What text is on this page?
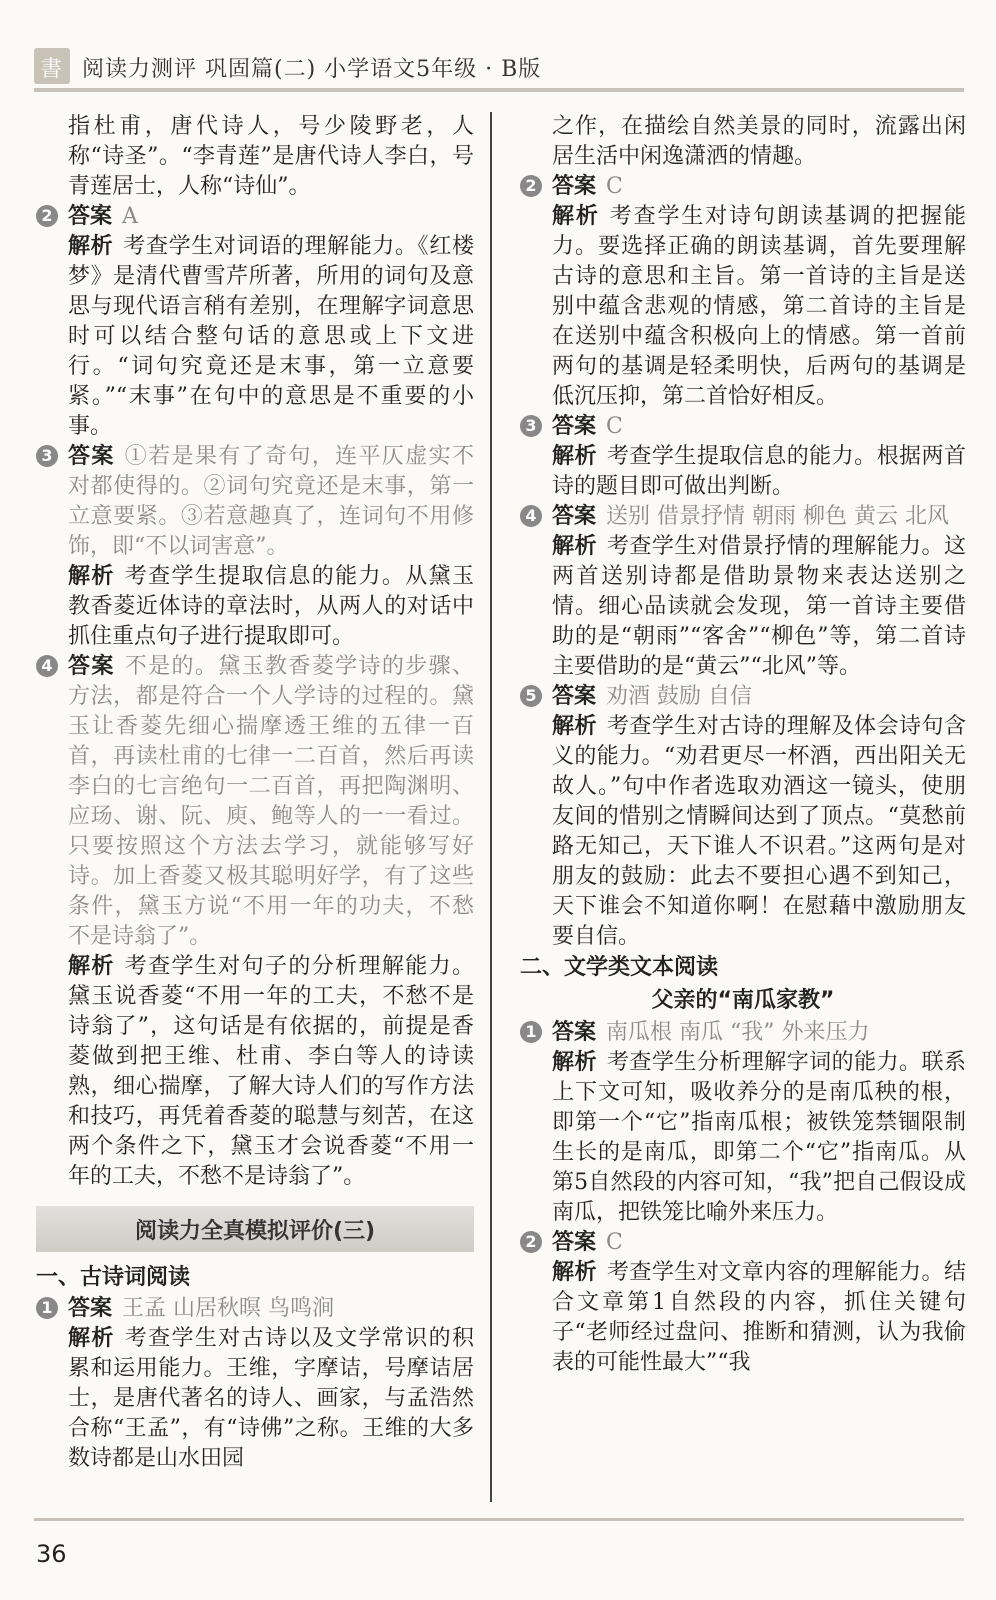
書 阅读力测评 巩固篇(二) 小学语文5年级 · B版

指杜甫，唐代诗人，号少陵野老，人称“诗圣”。“李青莲”是唐代诗人李白，号青莲居士，人称“诗仙”。

2 答案 A

解析 考查学生对词语的理解能力。《红楼梦》是清代曹雪芹所著，所用的词句及意思与现代语言稍有差别，在理解字词意思时可以结合整句话的意思或上下文进行。“词句究竟还是末事，第一立意要紧。”“末事”在句中的意思是不重要的小事。

3 答案 ①若是果有了奇句，连平仄虚实不对都使得的。②词句究竟还是末事，第一立意要紧。③若意趣真了，连词句不用修饰，即“不以词害意”。

解析 考查学生提取信息的能力。从黛玉教香菱近体诗的章法时，从两人的对话中抓住重点句子进行提取即可。

4 答案 不是的。黛玉教香菱学诗的步骤、方法，都是符合一个人学诗的过程的。黛玉让香菱先细心揣摩透王维的五律一百首，再读杜甫的七律一二百首，然后再读李白的七言绝句一二百首，再把陶渊明、应玚、谢、阮、庾、鲍等人的一一看过。只要按照这个方法去学习，就能够写好诗。加上香菱又极其聪明好学，有了这些条件，黛玉方说“不用一年的功夫，不愁不是诗翁了”。

解析 考查学生对句子的分析理解能力。黛玉说香菱“不用一年的工夫，不愁不是诗翁了”，这句话是有依据的，前提是香菱做到把王维、杜甫、李白等人的诗读熟，细心揣摩，了解大诗人们的写作方法和技巧，再凭着香菱的聪慧与刻苦，在这两个条件之下，黛玉才会说香菱“不用一年的工夫，不愁不是诗翁了”。

阅读力全真模拟评价(三)

一、古诗词阅读

1 答案 王孟 山居秋暝 鸟鸣涧

解析 考查学生对古诗以及文学常识的积累和运用能力。王维，字摩诘，号摩诘居士，是唐代著名的诗人、画家，与孟浩然合称“王孟”，有“诗佛”之称。王维的大多数诗都是山水田园

之作，在描绘自然美景的同时，流露出闲居生活中闲逸潇洒的情趣。

2 答案 C

解析 考查学生对诗句朗读基调的把握能力。要选择正确的朗读基调，首先要理解古诗的意思和主旨。第一首诗的主旨是送别中蕴含悲观的情感，第二首诗的主旨是在送别中蕴含积极向上的情感。第一首前两句的基调是轻柔明快，后两句的基调是低沉压抑，第二首恰好相反。

3 答案 C

解析 考查学生提取信息的能力。根据两首诗的题目即可做出判断。

4 答案 送别 借景抒情 朝雨 柳色 黄云 北风

解析 考查学生对借景抒情的理解能力。这两首送别诗都是借助景物来表达送别之情。细心品读就会发现，第一首诗主要借助的是“朝雨”“客舍”“柳色”等，第二首诗主要借助的是“黄云”“北风”等。

5 答案 劝酒 鼓励 自信

解析 考查学生对古诗的理解及体会诗句含义的能力。“劝君更尽一杯酒，西出阳关无故人。”句中作者选取劝酒这一镜头，使朋友间的惜别之情瞬间达到了顶点。“莫愁前路无知己，天下谁人不识君。”这两句是对朋友的鼓励：此去不要担心遇不到知己，天下谁会不知道你啊！在慰藉中激励朋友要自信。

二、文学类文本阅读

父亲的“南瓜家教”

1 答案 南瓜根 南瓜 “我” 外来压力

解析 考查学生分析理解字词的能力。联系上下文可知，吸收养分的是南瓜秧的根，即第一个“它”指南瓜根；被铁笼禁锢限制生长的是南瓜，即第二个“它”指南瓜。从第5自然段的内容可知，“我”把自己假设成南瓜，把铁笼比喻外来压力。

2 答案 C

解析 考查学生对文章内容的理解能力。结合文章第1自然段的内容，抓住关键句子“老师经过盘问、推断和猜测，认为我偷表的可能性最大”“我

36
